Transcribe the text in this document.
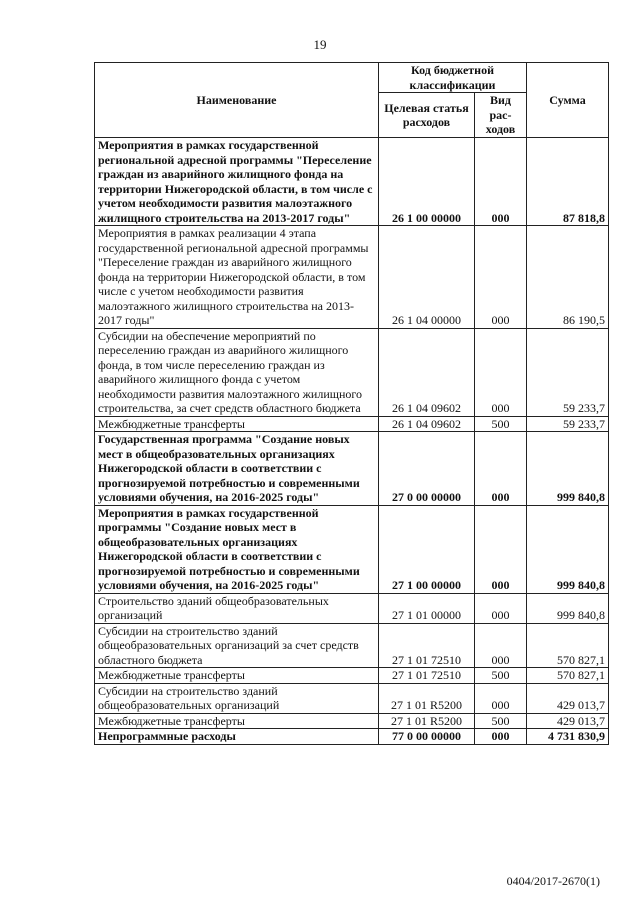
19
Наименование	Код бюджетной классификации		Сумма
	Целевая статья расходов	Вид рас-ходов	
Мероприятия в рамках государственной региональной адресной программы "Переселение граждан из аварийного жилищного фонда на территории Нижегородской области, в том числе с учетом необходимости развития малоэтажного жилищного строительства на 2013-2017 годы"	26 1 00 00000	000	87 818,8
Мероприятия в рамках реализации 4 этапа государственной региональной адресной программы "Переселение граждан из аварийного жилищного фонда на территории Нижегородской области, в том числе с учетом необходимости развития малоэтажного жилищного строительства на 2013-2017 годы"	26 1 04 00000	000	86 190,5
Субсидии на обеспечение мероприятий по переселению граждан из аварийного жилищного фонда, в том числе переселению граждан из аварийного жилищного фонда с учетом необходимости развития малоэтажного жилищного строительства, за счет средств областного бюджета	26 1 04 09602	000	59 233,7
Межбюджетные трансферты	26 1 04 09602	500	59 233,7
Государственная программа "Создание новых мест в общеобразовательных организациях Нижегородской области в соответствии с прогнозируемой потребностью и современными условиями обучения, на 2016-2025 годы"	27 0 00 00000	000	999 840,8
Мероприятия в рамках государственной программы "Создание новых мест в общеобразовательных организациях Нижегородской области в соответствии с прогнозируемой потребностью и современными условиями обучения, на 2016-2025 годы"	27 1 00 00000	000	999 840,8
Строительство зданий общеобразовательных организаций	27 1 01 00000	000	999 840,8
Субсидии на строительство зданий общеобразовательных организаций за счет средств областного бюджета	27 1 01 72510	000	570 827,1
Межбюджетные трансферты	27 1 01 72510	500	570 827,1
Субсидии на строительство зданий общеобразовательных организаций	27 1 01 R5200	000	429 013,7
Межбюджетные трансферты	27 1 01 R5200	500	429 013,7
Непрограммные расходы	77 0 00 00000	000	4 731 830,9
0404/2017-2670(1)
